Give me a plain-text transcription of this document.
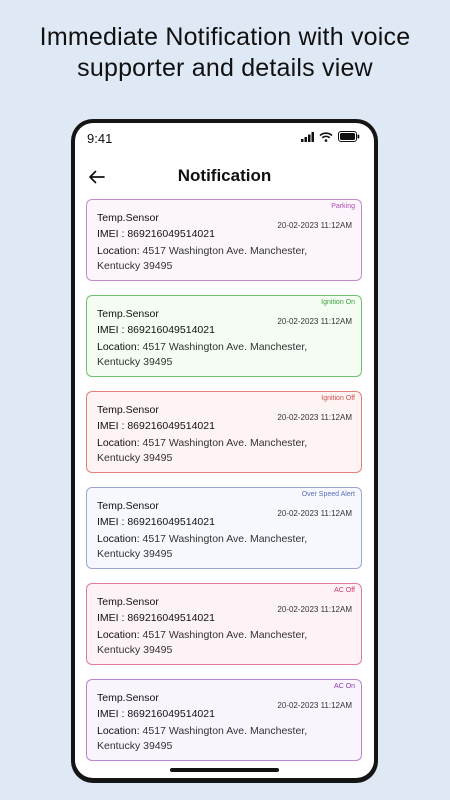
Immediate Notification with voice
supporter and details view
9:41
Notification
Parking
Temp.Sensor
IMEI : 869216049514021
20-02-2023 11:12AM
Location: 4517 Washington Ave. Manchester, Kentucky 39495
Ignition On
Temp.Sensor
IMEI : 869216049514021
20-02-2023 11:12AM
Location: 4517 Washington Ave. Manchester, Kentucky 39495
Ignition Off
Temp.Sensor
IMEI : 869216049514021
20-02-2023 11:12AM
Location: 4517 Washington Ave. Manchester, Kentucky 39495
Over Speed Alert
Temp.Sensor
IMEI : 869216049514021
20-02-2023 11:12AM
Location: 4517 Washington Ave. Manchester, Kentucky 39495
AC Off
Temp.Sensor
IMEI : 869216049514021
20-02-2023 11:12AM
Location: 4517 Washington Ave. Manchester, Kentucky 39495
AC On
Temp.Sensor
IMEI : 869216049514021
20-02-2023 11:12AM
Location: 4517 Washington Ave. Manchester, Kentucky 39495
